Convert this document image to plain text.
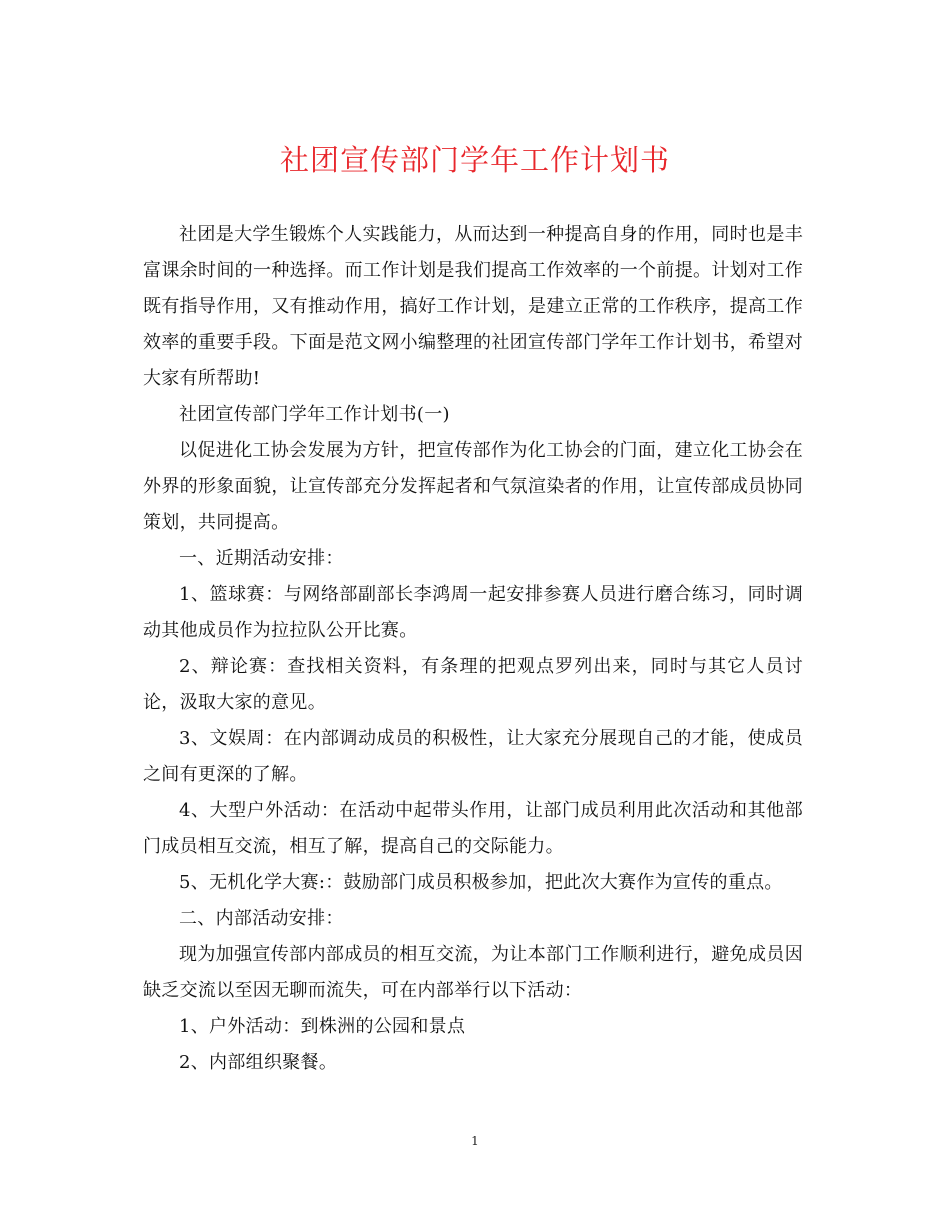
社团宣传部门学年工作计划书

社团是大学生锻炼个人实践能力，从而达到一种提高自身的作用，同时也是丰富课余时间的一种选择。而工作计划是我们提高工作效率的一个前提。计划对工作既有指导作用，又有推动作用，搞好工作计划，是建立正常的工作秩序，提高工作效率的重要手段。下面是范文网小编整理的社团宣传部门学年工作计划书，希望对大家有所帮助!

社团宣传部门学年工作计划书(一)

以促进化工协会发展为方针，把宣传部作为化工协会的门面，建立化工协会在外界的形象面貌，让宣传部充分发挥起者和气氛渲染者的作用，让宣传部成员协同策划，共同提高。

一、近期活动安排：

1、篮球赛：与网络部副部长李鸿周一起安排参赛人员进行磨合练习，同时调动其他成员作为拉拉队公开比赛。

2、辩论赛：查找相关资料，有条理的把观点罗列出来，同时与其它人员讨论，汲取大家的意见。

3、文娱周：在内部调动成员的积极性，让大家充分展现自己的才能，使成员之间有更深的了解。

4、大型户外活动：在活动中起带头作用，让部门成员利用此次活动和其他部门成员相互交流，相互了解，提高自己的交际能力。

5、无机化学大赛:：鼓励部门成员积极参加，把此次大赛作为宣传的重点。

二、内部活动安排：

现为加强宣传部内部成员的相互交流，为让本部门工作顺利进行，避免成员因缺乏交流以至因无聊而流失，可在内部举行以下活动：

1、户外活动：到株洲的公园和景点

2、内部组织聚餐。

1
